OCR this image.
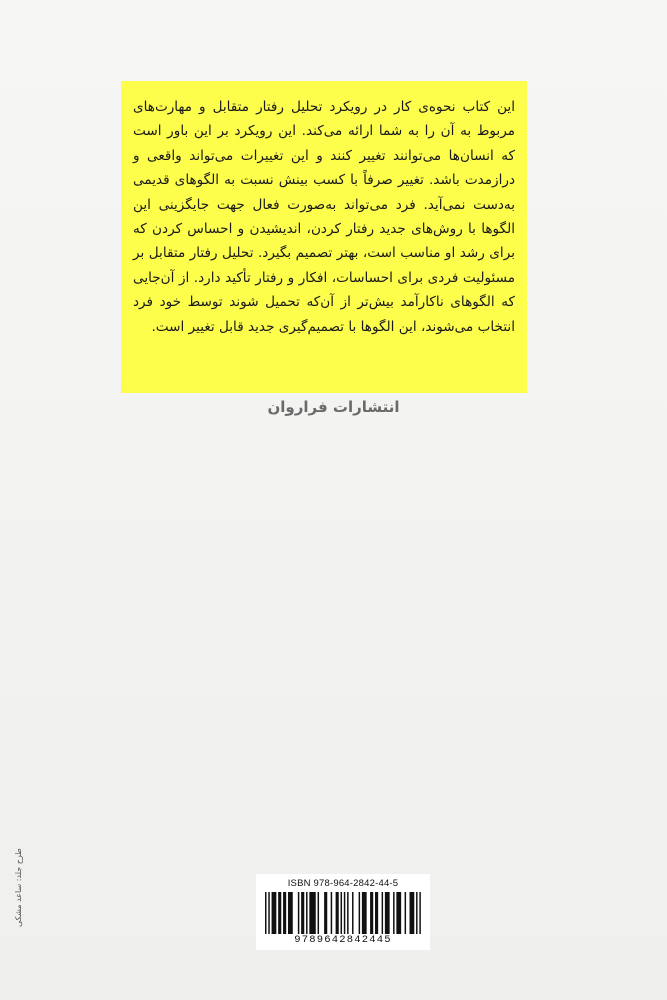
این کتاب نحوه‌ی کار در رویکرد تحلیل رفتار متقابل و مهارت‌های مربوط به آن را به شما ارائه می‌کند. این رویکرد بر این باور است که انسان‌ها می‌توانند تغییر کنند و این تغییرات می‌تواند واقعی و درازمدت باشد. تغییر صرفاً با کسب بینش نسبت به الگوهای قدیمی به‌دست نمی‌آید. فرد می‌تواند به‌صورت فعال جهت جایگزینی این الگوها با روش‌های جدید رفتار کردن، اندیشیدن و احساس کردن که برای رشد او مناسب است، بهتر تصمیم بگیرد. تحلیل رفتار متقابل بر مسئولیت فردی برای احساسات، افکار و رفتار تأکید دارد. از آن‌جایی که الگوهای ناکارآمد بیش‌تر از آن‌که تحمیل شوند توسط خود فرد انتخاب می‌شوند، این الگوها با تصمیم‌گیری جدید قابل تغییر است.

انتشارات فراروان
طرح جلد: ساعد مشکی	ISBN 978-964-2842-44-5
9789642842445
